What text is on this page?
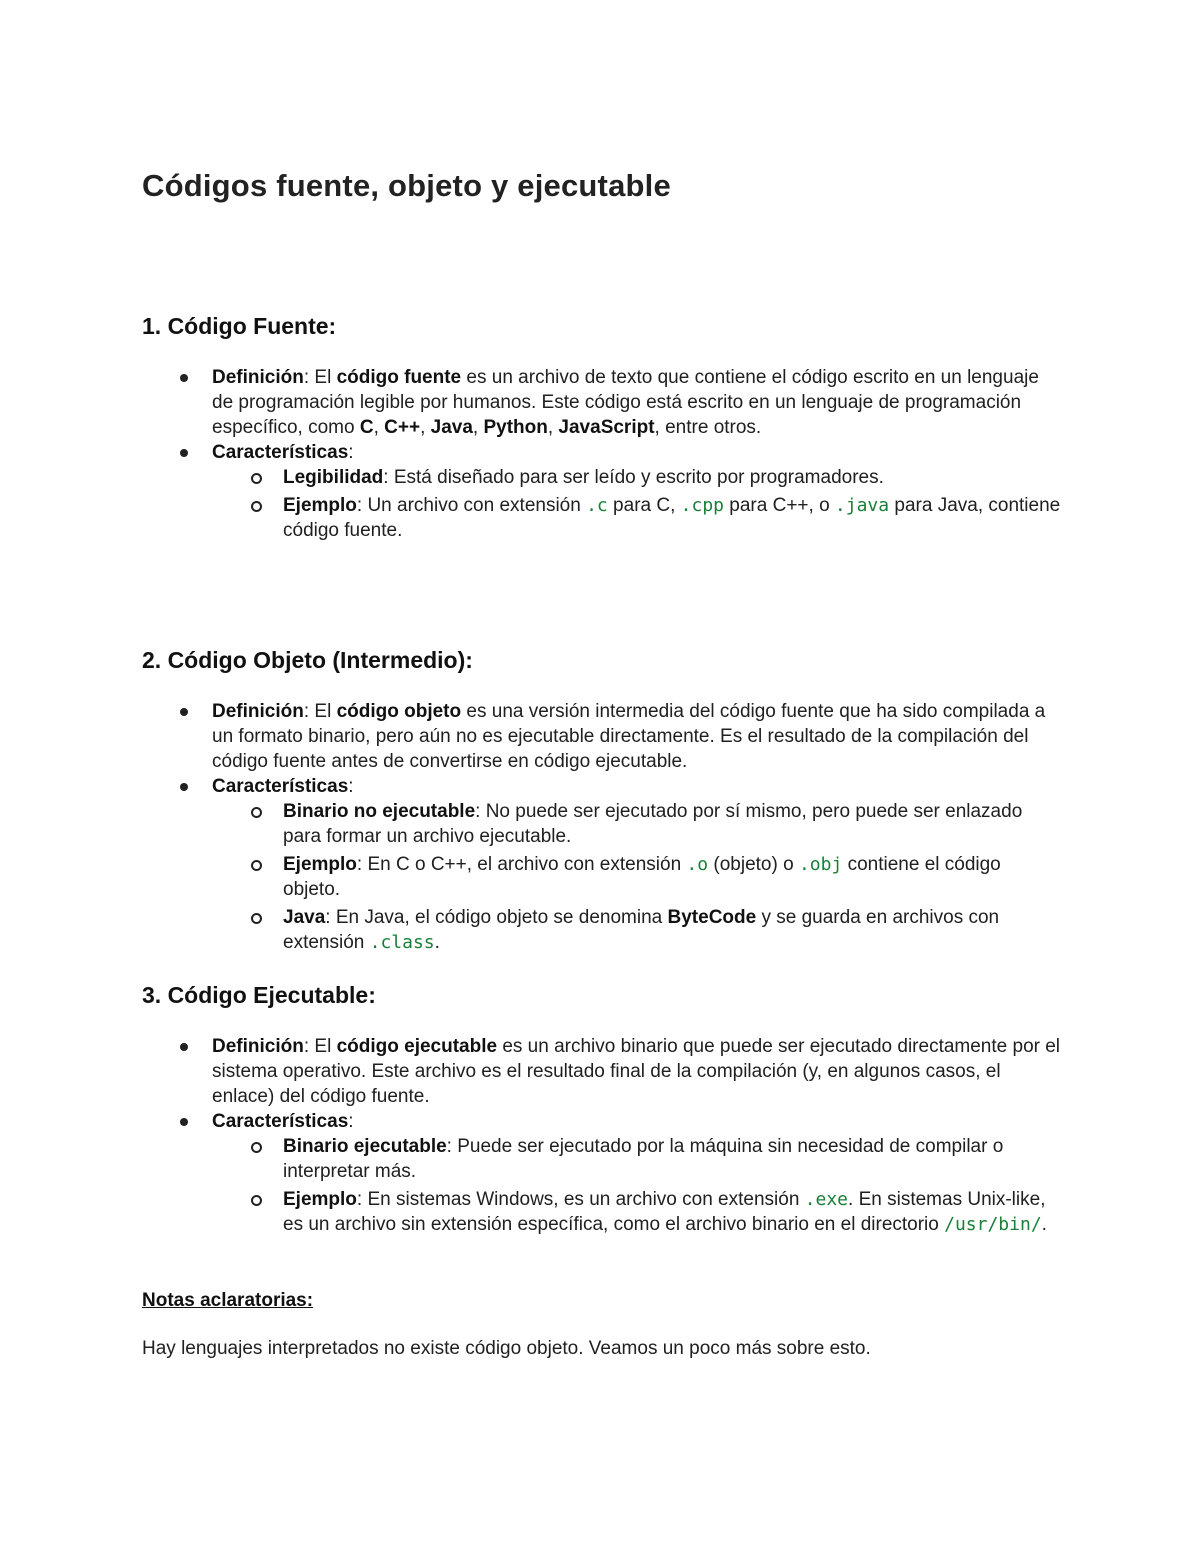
Códigos fuente, objeto y ejecutable
1. Código Fuente:
Definición: El código fuente es un archivo de texto que contiene el código escrito en un lenguaje de programación legible por humanos. Este código está escrito en un lenguaje de programación específico, como C, C++, Java, Python, JavaScript, entre otros.
Características:
Legibilidad: Está diseñado para ser leído y escrito por programadores.
Ejemplo: Un archivo con extensión .c para C, .cpp para C++, o .java para Java, contiene código fuente.
2. Código Objeto (Intermedio):
Definición: El código objeto es una versión intermedia del código fuente que ha sido compilada a un formato binario, pero aún no es ejecutable directamente. Es el resultado de la compilación del código fuente antes de convertirse en código ejecutable.
Características:
Binario no ejecutable: No puede ser ejecutado por sí mismo, pero puede ser enlazado para formar un archivo ejecutable.
Ejemplo: En C o C++, el archivo con extensión .o (objeto) o .obj contiene el código objeto.
Java: En Java, el código objeto se denomina ByteCode y se guarda en archivos con extensión .class.
3. Código Ejecutable:
Definición: El código ejecutable es un archivo binario que puede ser ejecutado directamente por el sistema operativo. Este archivo es el resultado final de la compilación (y, en algunos casos, el enlace) del código fuente.
Características:
Binario ejecutable: Puede ser ejecutado por la máquina sin necesidad de compilar o interpretar más.
Ejemplo: En sistemas Windows, es un archivo con extensión .exe. En sistemas Unix-like, es un archivo sin extensión específica, como el archivo binario en el directorio /usr/bin/.
Notas aclaratorias:
Hay lenguajes interpretados no existe código objeto. Veamos un poco más sobre esto.
